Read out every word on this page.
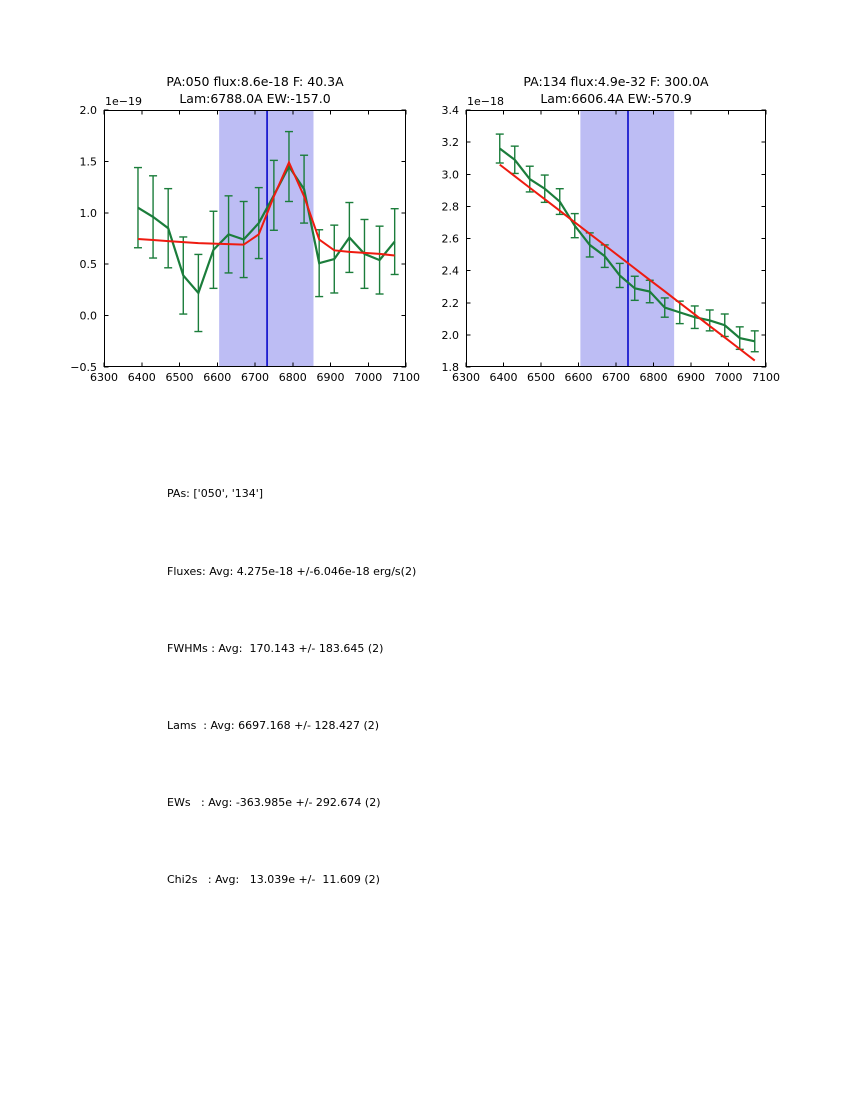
PA:050 flux:8.6e-18 F: 40.3A
Lam:6788.0A EW:-157.0
PA:134 flux:4.9e-32 F: 300.0A
Lam:6606.4A EW:-570.9
6300 6400 6500 6600 6700 6800 6900 7000 7100
−0.5
0.0
0.5
1.0
1.5
2.0
1e−19
6300 6400 6500 6600 6700 6800 6900 7000 7100
1.8
2.0
2.2
2.4
2.6
2.8
3.0
3.2
3.4
1e−18

PAs: ['050', '134']

Fluxes: Avg: 4.275e-18 +/-6.046e-18 erg/s(2)

FWHMs : Avg:  170.143 +/- 183.645 (2)

Lams  : Avg: 6697.168 +/- 128.427 (2)

EWs   : Avg: -363.985e +/- 292.674 (2)

Chi2s   : Avg:   13.039e +/-  11.609 (2)
